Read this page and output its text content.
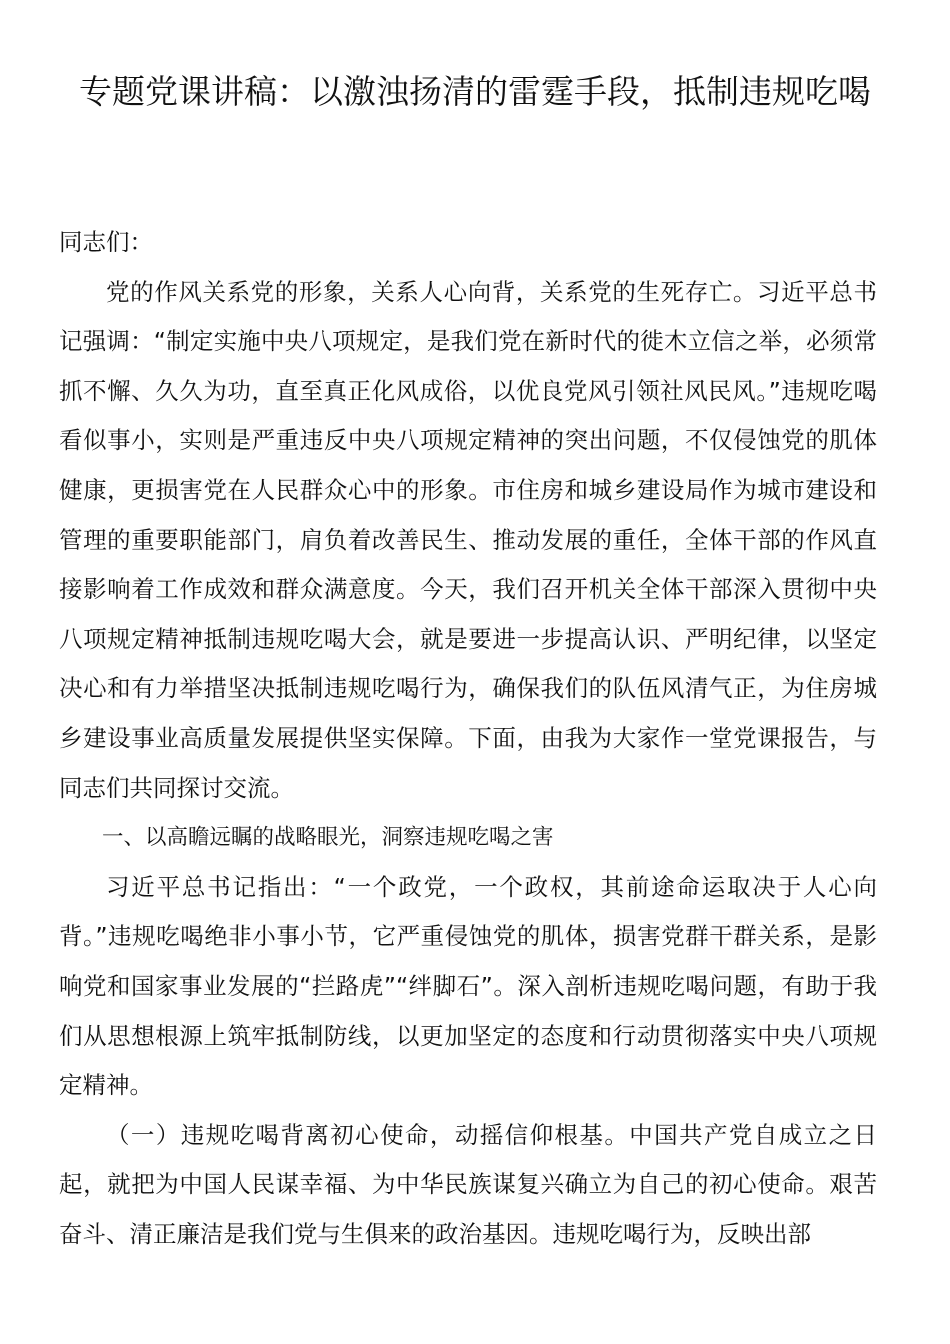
专题党课讲稿：以激浊扬清的雷霆手段，抵制违规吃喝

同志们：

党的作风关系党的形象，关系人心向背，关系党的生死存亡。习近平总书记强调：“制定实施中央八项规定，是我们党在新时代的徙木立信之举，必须常抓不懈、久久为功，直至真正化风成俗，以优良党风引领社风民风。”违规吃喝看似事小，实则是严重违反中央八项规定精神的突出问题，不仅侵蚀党的肌体健康，更损害党在人民群众心中的形象。市住房和城乡建设局作为城市建设和管理的重要职能部门，肩负着改善民生、推动发展的重任，全体干部的作风直接影响着工作成效和群众满意度。今天，我们召开机关全体干部深入贯彻中央八项规定精神抵制违规吃喝大会，就是要进一步提高认识、严明纪律，以坚定决心和有力举措坚决抵制违规吃喝行为，确保我们的队伍风清气正，为住房城乡建设事业高质量发展提供坚实保障。下面，由我为大家作一堂党课报告，与同志们共同探讨交流。

一、以高瞻远瞩的战略眼光，洞察违规吃喝之害

习近平总书记指出：“一个政党，一个政权，其前途命运取决于人心向背。”违规吃喝绝非小事小节，它严重侵蚀党的肌体，损害党群干群关系，是影响党和国家事业发展的“拦路虎”“绊脚石”。深入剖析违规吃喝问题，有助于我们从思想根源上筑牢抵制防线，以更加坚定的态度和行动贯彻落实中央八项规定精神。

（一）违规吃喝背离初心使命，动摇信仰根基。中国共产党自成立之日起，就把为中国人民谋幸福、为中华民族谋复兴确立为自己的初心使命。艰苦奋斗、清正廉洁是我们党与生俱来的政治基因。违规吃喝行为，反映出部
